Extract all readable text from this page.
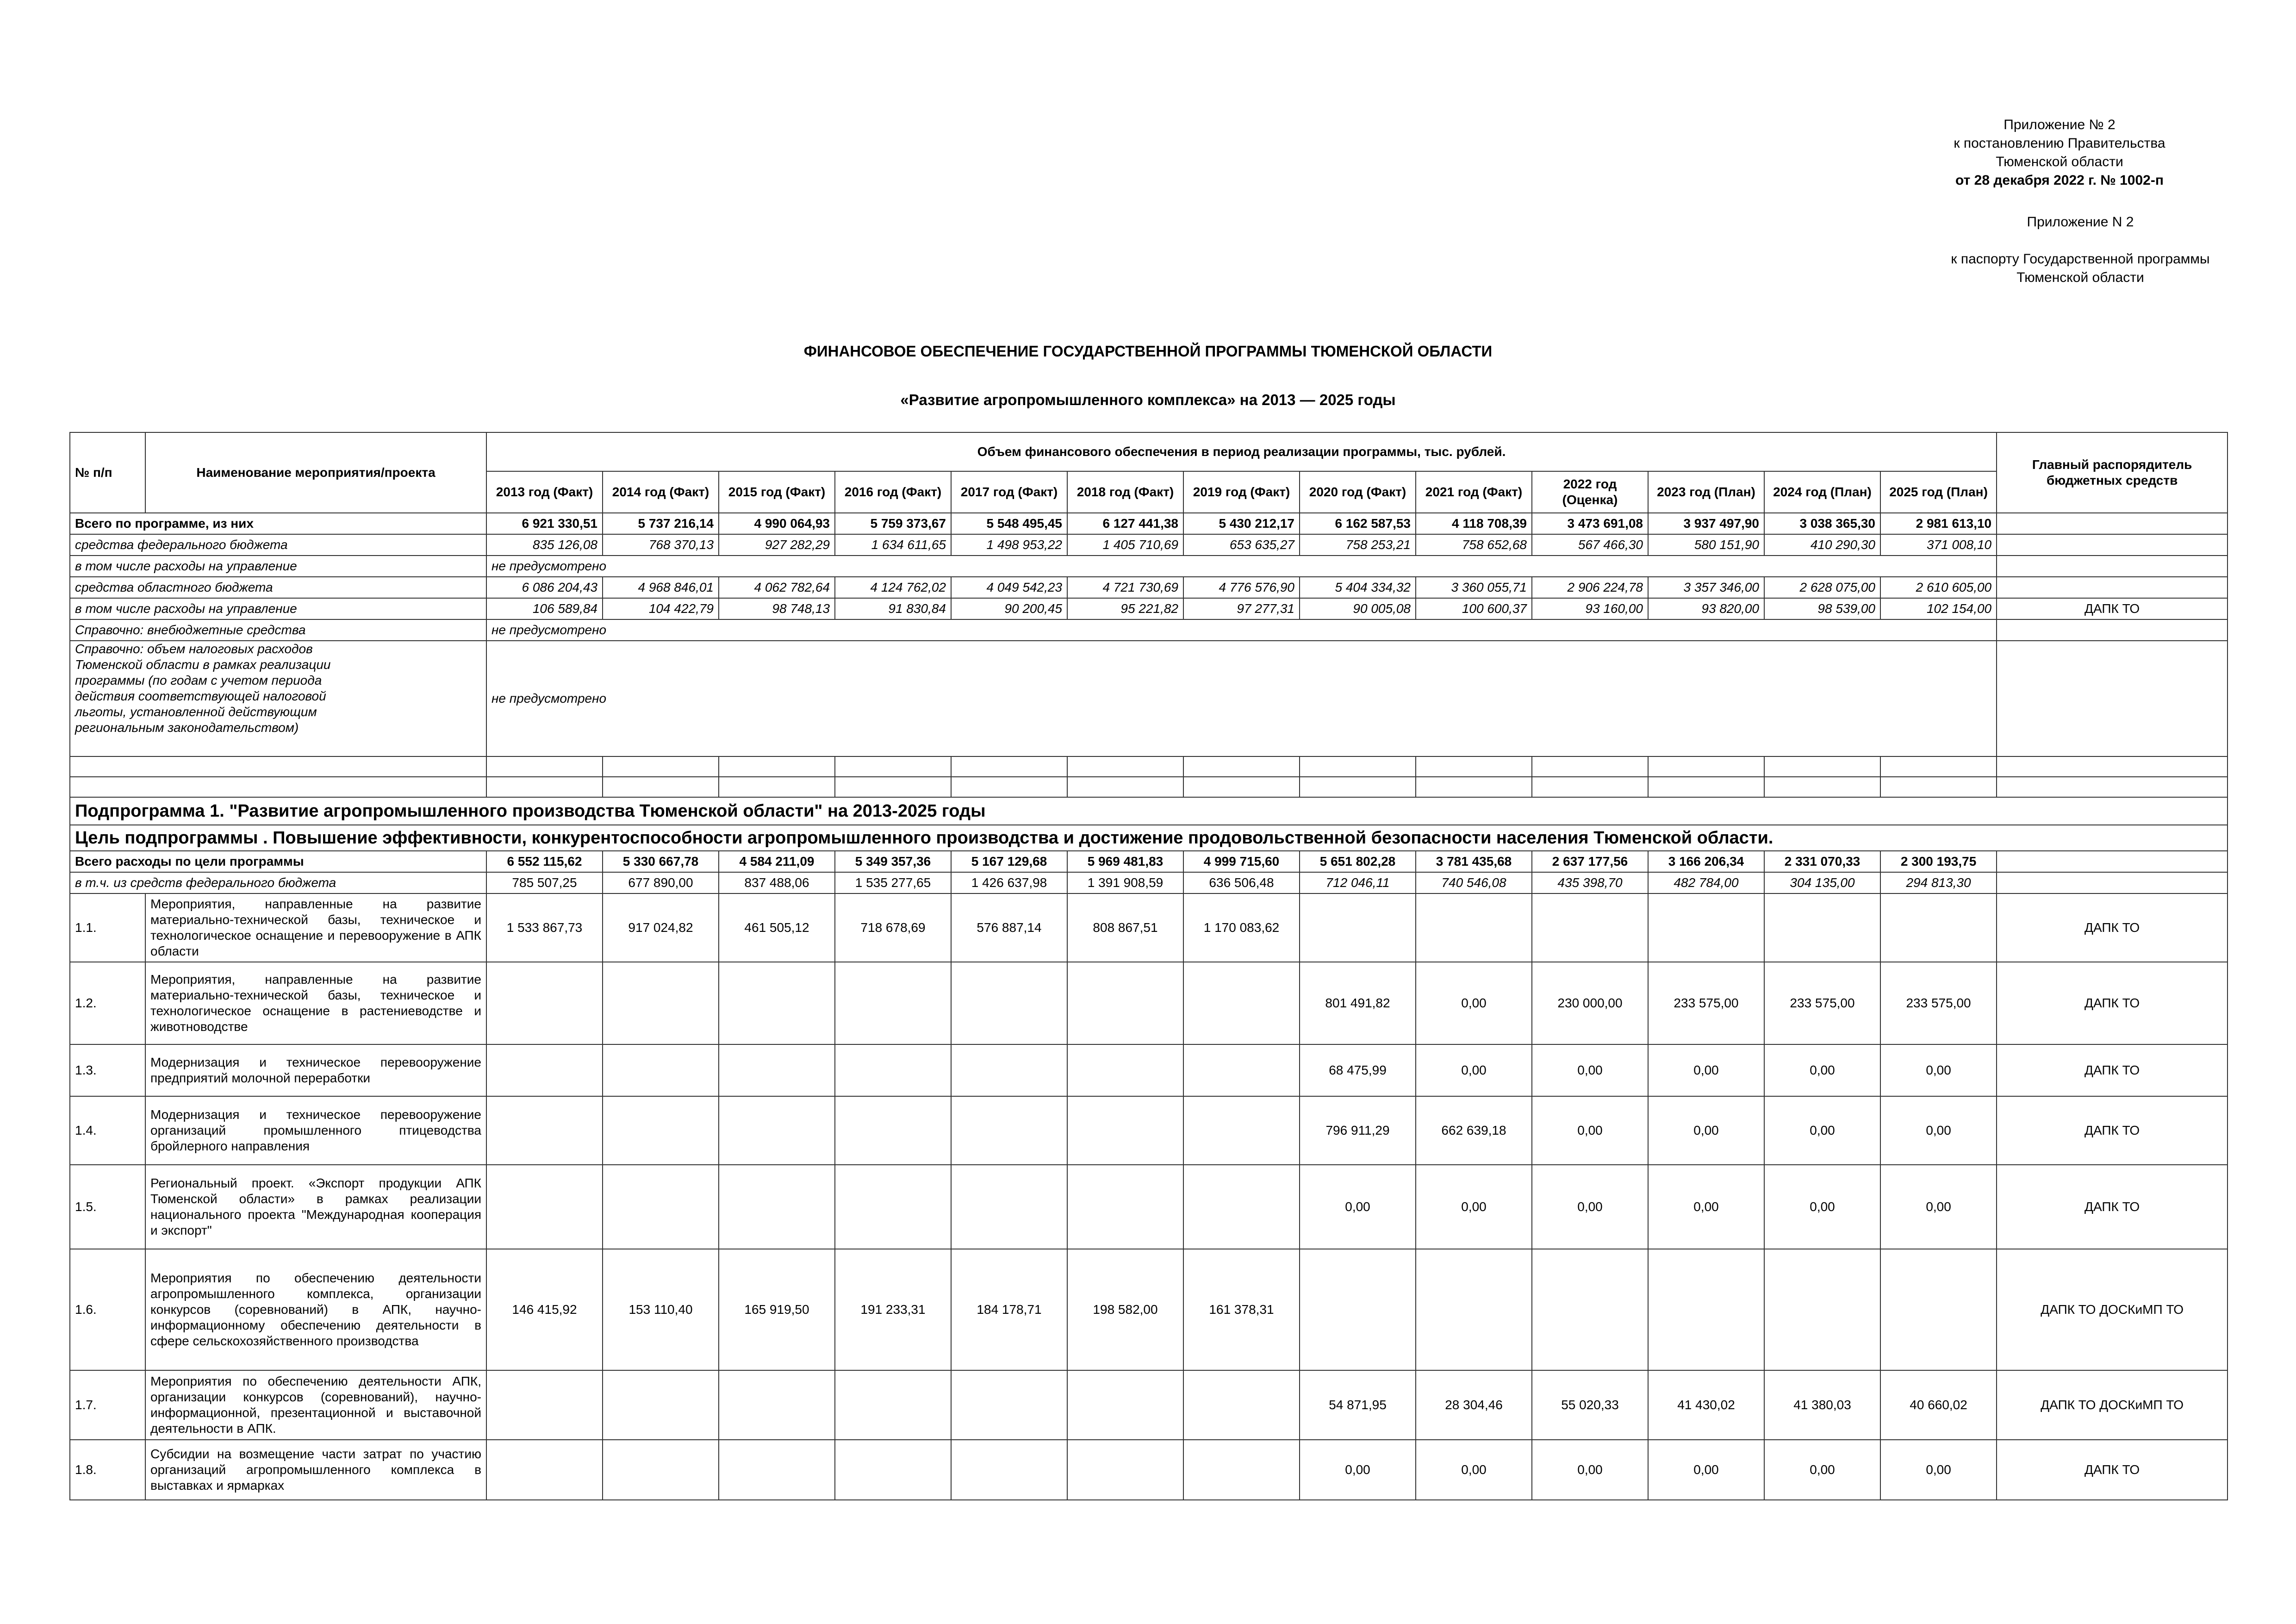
Приложение № 2
к постановлению Правительства
Тюменской области
от 28 декабря 2022 г. № 1002-п
Приложение N 2
к паспорту Государственной программы
Тюменской области
ФИНАНСОВОЕ ОБЕСПЕЧЕНИЕ ГОСУДАРСТВЕННОЙ ПРОГРАММЫ ТЮМЕНСКОЙ ОБЛАСТИ
«Развитие агропромышленного комплекса» на 2013 — 2025 годы
№ п/п	Наименование мероприятия/проекта	Объем финансового обеспечения в период реализации программы, тыс. рублей.													Главный распорядитель бюджетных средств
		2013 год (Факт)	2014 год (Факт)	2015 год (Факт)	2016 год (Факт)	2017 год (Факт)	2018 год (Факт)	2019 год (Факт)	2020 год (Факт)	2021 год (Факт)	2022 год (Оценка)	2023 год (План)	2024 год (План)	2025 год (План)	
Всего по программе, из них		6 921 330,51	5 737 216,14	4 990 064,93	5 759 373,67	5 548 495,45	6 127 441,38	5 430 212,17	6 162 587,53	4 118 708,39	3 473 691,08	3 937 497,90	3 038 365,30	2 981 613,10	
средства федерального бюджета		835 126,08	768 370,13	927 282,29	1 634 611,65	1 498 953,22	1 405 710,69	653 635,27	758 253,21	758 652,68	567 466,30	580 151,90	410 290,30	371 008,10	
в том числе расходы на управление		не предусмотрено													
средства областного бюджета		6 086 204,43	4 968 846,01	4 062 782,64	4 124 762,02	4 049 542,23	4 721 730,69	4 776 576,90	5 404 334,32	3 360 055,71	2 906 224,78	3 357 346,00	2 628 075,00	2 610 605,00	
в том числе расходы на управление		106 589,84	104 422,79	98 748,13	91 830,84	90 200,45	95 221,82	97 277,31	90 005,08	100 600,37	93 160,00	93 820,00	98 539,00	102 154,00	ДАПК ТО
Справочно: внебюджетные средства		не предусмотрено													
Справочно: объем налоговых расходов Тюменской области в рамках реализации программы (по годам с учетом периода действия соответствующей налоговой льготы, установленной действующим региональным законодательством)		не предусмотрено													

Подпрограмма 1. "Развитие агропромышленного производства Тюменской области" на 2013-2025 годы															
Цель подпрограммы . Повышение эффективности, конкурентоспособности агропромышленного производства и достижение продовольственной безопасности населения Тюменской области.															
Всего расходы по цели программы		6 552 115,62	5 330 667,78	4 584 211,09	5 349 357,36	5 167 129,68	5 969 481,83	4 999 715,60	5 651 802,28	3 781 435,68	2 637 177,56	3 166 206,34	2 331 070,33	2 300 193,75	
в т.ч. из средств федерального бюджета		785 507,25	677 890,00	837 488,06	1 535 277,65	1 426 637,98	1 391 908,59	636 506,48	712 046,11	740 546,08	435 398,70	482 784,00	304 135,00	294 813,30	
1.1.	Мероприятия, направленные на развитие материально-технической базы, техническое и технологическое оснащение и перевооружение в АПК области	1 533 867,73	917 024,82	461 505,12	718 678,69	576 887,14	808 867,51	1 170 083,62							ДАПК ТО
1.2.	Мероприятия, направленные на развитие материально-технической базы, техническое и технологическое оснащение в растениеводстве и животноводстве								801 491,82	0,00	230 000,00	233 575,00	233 575,00	233 575,00	ДАПК ТО
1.3.	Модернизация и техническое перевооружение предприятий молочной переработки								68 475,99	0,00	0,00	0,00	0,00	0,00	ДАПК ТО
1.4.	Модернизация и техническое перевооружение организаций промышленного птицеводства бройлерного направления								796 911,29	662 639,18	0,00	0,00	0,00	0,00	ДАПК ТО
1.5.	Региональный проект. «Экспорт продукции АПК Тюменской области» в рамках реализации национального проекта "Международная кооперация и экспорт"								0,00	0,00	0,00	0,00	0,00	0,00	ДАПК ТО
1.6.	Мероприятия по обеспечению деятельности агропромышленного комплекса, организации конкурсов (соревнований) в АПК, научно-информационному обеспечению деятельности в сфере сельскохозяйственного производства	146 415,92	153 110,40	165 919,50	191 233,31	184 178,71	198 582,00	161 378,31							ДАПК ТО ДОСКиМП ТО
1.7.	Мероприятия по обеспечению деятельности АПК, организации конкурсов (соревнований), научно-информационной, презентационной и выставочной деятельности в АПК.								54 871,95	28 304,46	55 020,33	41 430,02	41 380,03	40 660,02	ДАПК ТО ДОСКиМП ТО
1.8.	Субсидии на возмещение части затрат по участию организаций агропромышленного комплекса в выставках и ярмарках								0,00	0,00	0,00	0,00	0,00	0,00	ДАПК ТО
